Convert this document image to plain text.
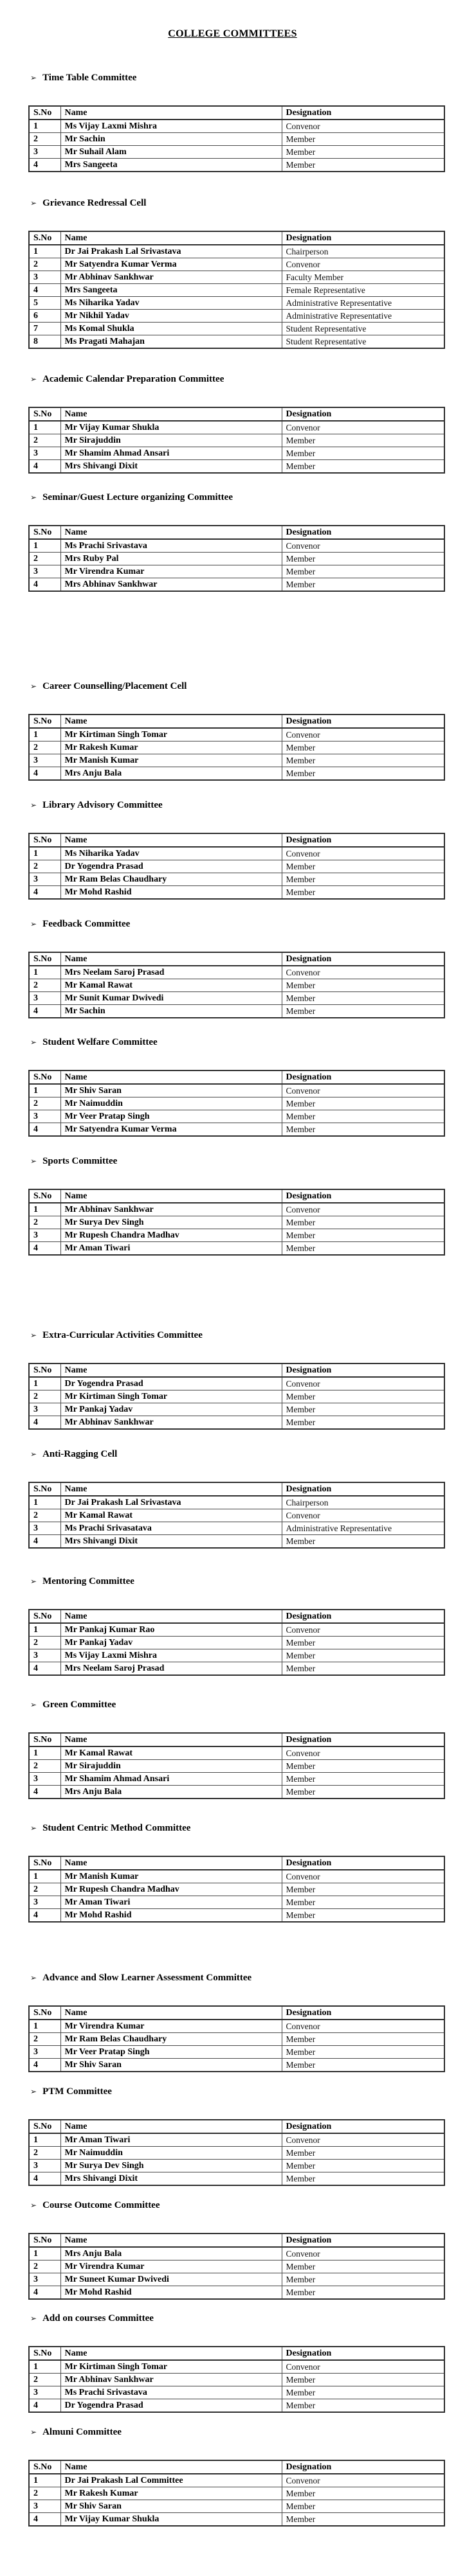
COLLEGE COMMITTEES
➢ Time Table Committee
S.No	Name	Designation
1	Ms Vijay Laxmi Mishra	Convenor
2	Mr Sachin	Member
3	Mr Suhail Alam	Member
4	Mrs Sangeeta	Member
➢ Grievance Redressal Cell
S.No	Name	Designation
1	Dr Jai Prakash Lal Srivastava	Chairperson
2	Mr Satyendra Kumar Verma	Convenor
3	Mr Abhinav Sankhwar	Faculty Member
4	Mrs Sangeeta	Female Representative
5	Ms Niharika Yadav	Administrative Representative
6	Mr Nikhil Yadav	Administrative Representative
7	Ms Komal Shukla	Student Representative
8	Ms Pragati Mahajan	Student Representative
➢ Academic Calendar Preparation Committee
S.No	Name	Designation
1	Mr Vijay Kumar Shukla	Convenor
2	Mr Sirajuddin	Member
3	Mr Shamim Ahmad Ansari	Member
4	Mrs Shivangi Dixit	Member
➢ Seminar/Guest Lecture organizing Committee
S.No	Name	Designation
1	Ms Prachi Srivastava	Convenor
2	Mrs Ruby Pal	Member
3	Mr Virendra Kumar	Member
4	Mrs Abhinav Sankhwar	Member
➢ Career Counselling/Placement Cell
S.No	Name	Designation
1	Mr Kirtiman Singh Tomar	Convenor
2	Mr Rakesh Kumar	Member
3	Mr Manish Kumar	Member
4	Mrs Anju Bala	Member
➢ Library Advisory Committee
S.No	Name	Designation
1	Ms Niharika Yadav	Convenor
2	Dr Yogendra Prasad	Member
3	Mr Ram Belas Chaudhary	Member
4	Mr Mohd Rashid	Member
➢ Feedback Committee
S.No	Name	Designation
1	Mrs Neelam Saroj Prasad	Convenor
2	Mr Kamal Rawat	Member
3	Mr Sunit Kumar Dwivedi	Member
4	Mr Sachin	Member
➢ Student Welfare Committee
S.No	Name	Designation
1	Mr Shiv Saran	Convenor
2	Mr Naimuddin	Member
3	Mr Veer Pratap Singh	Member
4	Mr Satyendra Kumar Verma	Member
➢ Sports Committee
S.No	Name	Designation
1	Mr Abhinav Sankhwar	Convenor
2	Mr Surya Dev Singh	Member
3	Mr Rupesh Chandra Madhav	Member
4	Mr Aman Tiwari	Member
➢ Extra-Curricular Activities Committee
S.No	Name	Designation
1	Dr Yogendra Prasad	Convenor
2	Mr Kirtiman Singh Tomar	Member
3	Mr Pankaj Yadav	Member
4	Mr Abhinav Sankhwar	Member
➢ Anti-Ragging Cell
S.No	Name	Designation
1	Dr Jai Prakash Lal Srivastava	Chairperson
2	Mr Kamal Rawat	Convenor
3	Ms Prachi Srivasatava	Administrative Representative
4	Mrs Shivangi Dixit	Member
➢ Mentoring Committee
S.No	Name	Designation
1	Mr Pankaj Kumar Rao	Convenor
2	Mr Pankaj Yadav	Member
3	Ms Vijay Laxmi Mishra	Member
4	Mrs Neelam Saroj Prasad	Member
➢ Green Committee
S.No	Name	Designation
1	Mr Kamal Rawat	Convenor
2	Mr Sirajuddin	Member
3	Mr Shamim Ahmad Ansari	Member
4	Mrs Anju Bala	Member
➢ Student Centric Method Committee
S.No	Name	Designation
1	Mr Manish Kumar	Convenor
2	Mr Rupesh Chandra Madhav	Member
3	Mr Aman Tiwari	Member
4	Mr Mohd Rashid	Member
➢ Advance and Slow Learner Assessment Committee
S.No	Name	Designation
1	Mr Virendra Kumar	Convenor
2	Mr Ram Belas Chaudhary	Member
3	Mr Veer Pratap Singh	Member
4	Mr Shiv Saran	Member
➢ PTM Committee
S.No	Name	Designation
1	Mr Aman Tiwari	Convenor
2	Mr Naimuddin	Member
3	Mr Surya Dev Singh	Member
4	Mrs Shivangi Dixit	Member
➢ Course Outcome Committee
S.No	Name	Designation
1	Mrs Anju Bala	Convenor
2	Mr Virendra Kumar	Member
3	Mr Suneet Kumar Dwivedi	Member
4	Mr Mohd Rashid	Member
➢ Add on courses Committee
S.No	Name	Designation
1	Mr Kirtiman Singh Tomar	Convenor
2	Mr Abhinav Sankhwar	Member
3	Ms Prachi Srivastava	Member
4	Dr Yogendra Prasad	Member
➢ Almuni Committee
S.No	Name	Designation
1	Dr Jai Prakash Lal Committee	Convenor
2	Mr Rakesh Kumar	Member
3	Mr Shiv Saran	Member
4	Mr Vijay Kumar Shukla	Member
